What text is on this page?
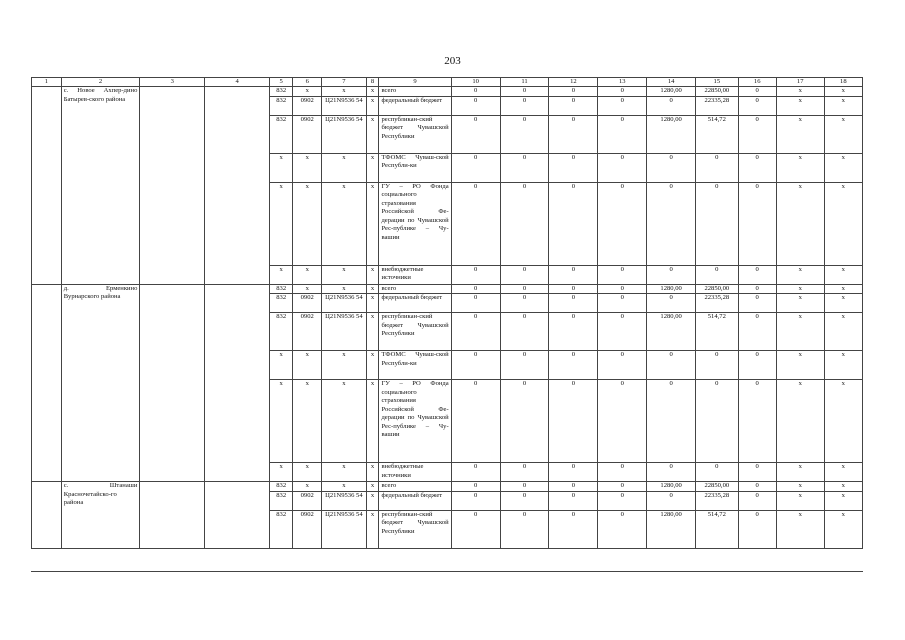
203
1	2	3	4	5	6	7	8	9	10	11	12	13	14	15	16	17	18
	с. Новое Ахпер-дино Батырев-ского района			832	х	х	х	всего	0	0	0	0	1280,00	22850,00	0	х	х
				832	0902	Ц21N9536 54	х	федеральный бюджет	0	0	0	0	0	22335,28	0	х	х
				832	0902	Ц21N9536 54	х	республикан-ский бюджет Чувашской Республики	0	0	0	0	1280,00	514,72	0	х	х
				х	х	х	х	ТФОМС Чуваш-ской Республи-ки	0	0	0	0	0	0	0	х	х
				х	х	х	х	ГУ – РО Фонда социального страхования Российской Фе-дерации по Чувашской Рес-публике – Чу-вашии	0	0	0	0	0	0	0	х	х
				х	х	х	х	внебюджетные источники	0	0	0	0	0	0	0	х	х
	д. Ерменкино Вурнарского района			832	х	х	х	всего	0	0	0	0	1280,00	22850,00	0	х	х
				832	0902	Ц21N9536 54	х	федеральный бюджет	0	0	0	0	0	22335,28	0	х	х
				832	0902	Ц21N9536 54	х	республикан-ский бюджет Чувашской Республики	0	0	0	0	1280,00	514,72	0	х	х
				х	х	х	х	ТФОМС Чуваш-ской Республи-ки	0	0	0	0	0	0	0	х	х
				х	х	х	х	ГУ – РО Фонда социального страхования Российской Фе-дерации по Чувашской Рес-публике – Чу-вашии	0	0	0	0	0	0	0	х	х
				х	х	х	х	внебюджетные источники	0	0	0	0	0	0	0	х	х
	с. Штанаши Красночетайско-го района			832	х	х	х	всего	0	0	0	0	1280,00	22850,00	0	х	х
				832	0902	Ц21N9536 54	х	федеральный бюджет	0	0	0	0	0	22335,28	0	х	х
				832	0902	Ц21N9536 54	х	республикан-ский бюджет Чувашской Республики	0	0	0	0	1280,00	514,72	0	х	х
